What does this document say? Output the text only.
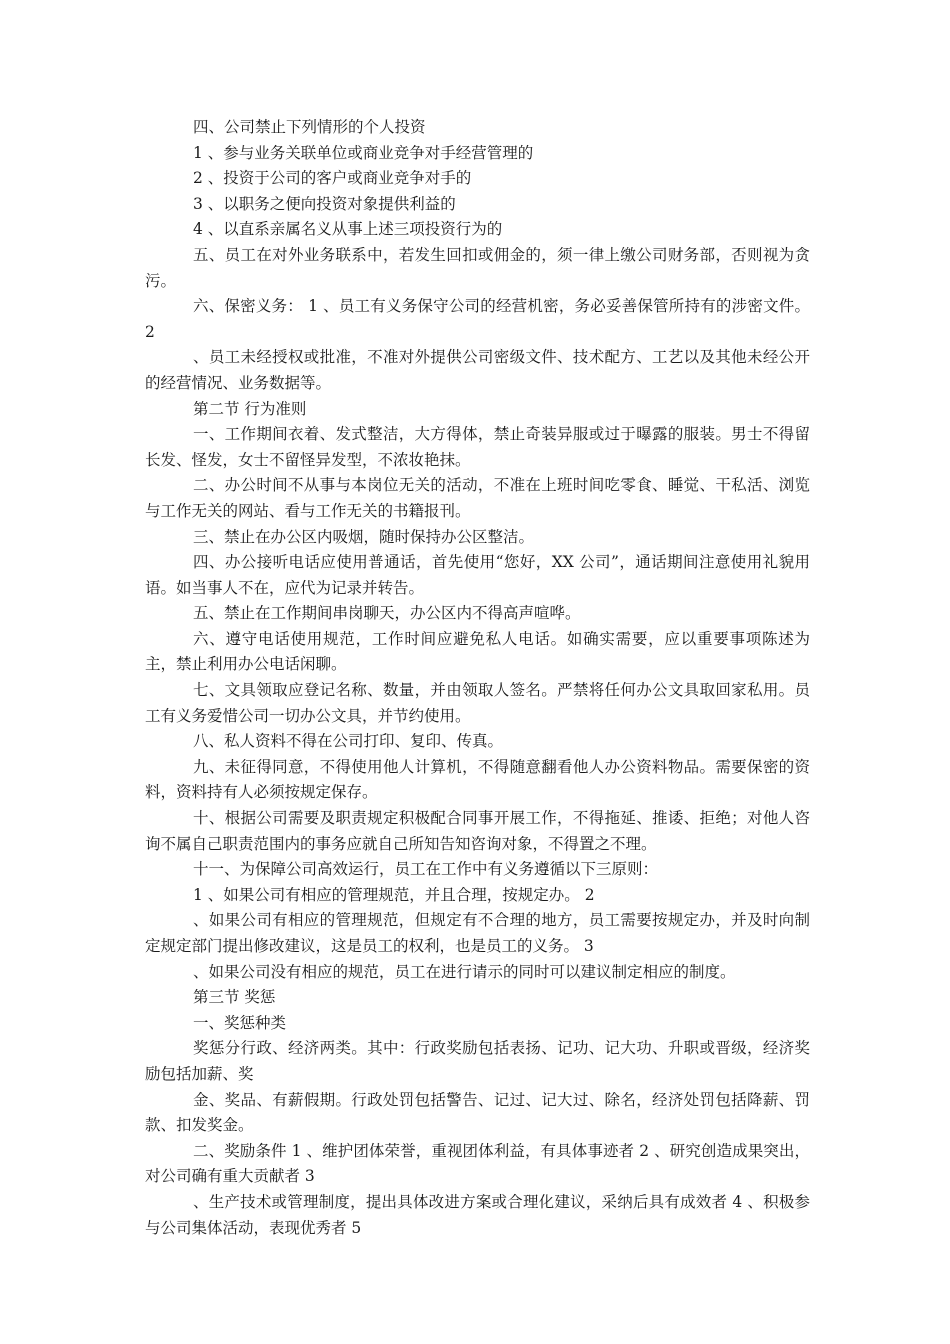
四、公司禁止下列情形的个人投资

1 、参与业务关联单位或商业竞争对手经营管理的

2 、投资于公司的客户或商业竞争对手的

3 、以职务之便向投资对象提供利益的

4 、以直系亲属名义从事上述三项投资行为的

五、员工在对外业务联系中，若发生回扣或佣金的，须一律上缴公司财务部，否则视为贪污。

六、保密义务： 1 、员工有义务保守公司的经营机密，务必妥善保管所持有的涉密文件。 2

、员工未经授权或批准，不准对外提供公司密级文件、技术配方、工艺以及其他未经公开的经营情况、业务数据等。

第二节 行为准则

一、工作期间衣着、发式整洁，大方得体，禁止奇装异服或过于曝露的服装。男士不得留长发、怪发，女士不留怪异发型，不浓妆艳抹。

二、办公时间不从事与本岗位无关的活动，不准在上班时间吃零食、睡觉、干私活、浏览与工作无关的网站、看与工作无关的书籍报刊。

三、禁止在办公区内吸烟，随时保持办公区整洁。

四、办公接听电话应使用普通话，首先使用“您好，XX 公司”，通话期间注意使用礼貌用语。如当事人不在，应代为记录并转告。

五、禁止在工作期间串岗聊天，办公区内不得高声喧哗。

六、遵守电话使用规范，工作时间应避免私人电话。如确实需要，应以重要事项陈述为主，禁止利用办公电话闲聊。

七、文具领取应登记名称、数量，并由领取人签名。严禁将任何办公文具取回家私用。员工有义务爱惜公司一切办公文具，并节约使用。

八、私人资料不得在公司打印、复印、传真。

九、未征得同意，不得使用他人计算机，不得随意翻看他人办公资料物品。需要保密的资料，资料持有人必须按规定保存。

十、根据公司需要及职责规定积极配合同事开展工作，不得拖延、推诿、拒绝；对他人咨询不属自己职责范围内的事务应就自己所知告知咨询对象，不得置之不理。

十一、为保障公司高效运行，员工在工作中有义务遵循以下三原则：

1 、如果公司有相应的管理规范，并且合理，按规定办。 2

、如果公司有相应的管理规范，但规定有不合理的地方，员工需要按规定办，并及时向制定规定部门提出修改建议，这是员工的权利，也是员工的义务。 3

、如果公司没有相应的规范，员工在进行请示的同时可以建议制定相应的制度。

第三节 奖惩

一、奖惩种类

奖惩分行政、经济两类。其中：行政奖励包括表扬、记功、记大功、升职或晋级，经济奖励包括加薪、奖

金、奖品、有薪假期。行政处罚包括警告、记过、记大过、除名，经济处罚包括降薪、罚款、扣发奖金。

二、奖励条件 1 、维护团体荣誉，重视团体利益，有具体事迹者 2 、研究创造成果突出，对公司确有重大贡献者 3

、生产技术或管理制度，提出具体改进方案或合理化建议，采纳后具有成效者 4 、积极参与公司集体活动，表现优秀者 5
